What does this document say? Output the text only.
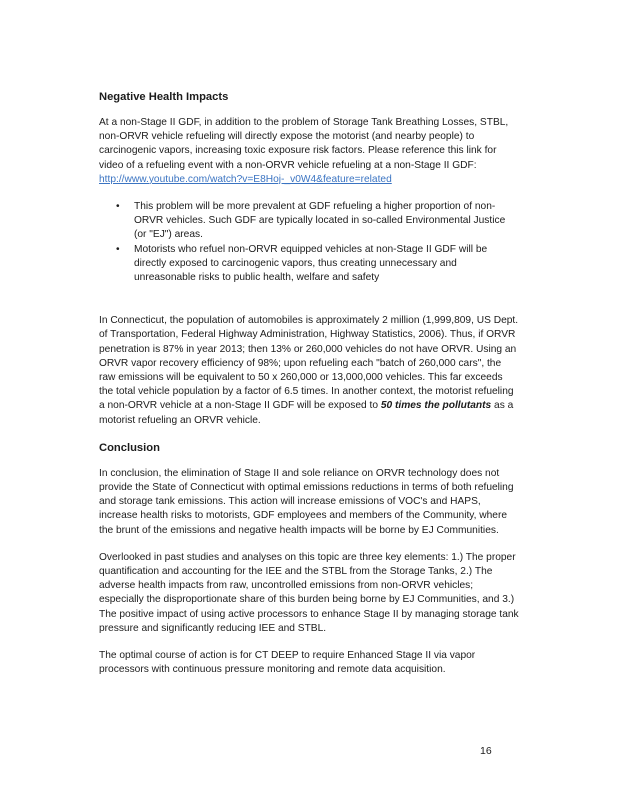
Negative Health Impacts

At a non-Stage II GDF, in addition to the problem of Storage Tank Breathing Losses, STBL, non-ORVR vehicle refueling will directly expose the motorist (and nearby people) to carcinogenic vapors, increasing toxic exposure risk factors. Please reference this link for video of a refueling event with a non-ORVR vehicle refueling at a non-Stage II GDF: http://www.youtube.com/watch?v=E8Hoj-_v0W4&feature=related

• This problem will be more prevalent at GDF refueling a higher proportion of non-ORVR vehicles. Such GDF are typically located in so-called Environmental Justice (or "EJ") areas.
• Motorists who refuel non-ORVR equipped vehicles at non-Stage II GDF will be directly exposed to carcinogenic vapors, thus creating unnecessary and unreasonable risks to public health, welfare and safety

In Connecticut, the population of automobiles is approximately 2 million (1,999,809, US Dept. of Transportation, Federal Highway Administration, Highway Statistics, 2006). Thus, if ORVR penetration is 87% in year 2013; then 13% or 260,000 vehicles do not have ORVR. Using an ORVR vapor recovery efficiency of 98%; upon refueling each "batch of 260,000 cars", the raw emissions will be equivalent to 50 x 260,000 or 13,000,000 vehicles. This far exceeds the total vehicle population by a factor of 6.5 times. In another context, the motorist refueling a non-ORVR vehicle at a non-Stage II GDF will be exposed to 50 times the pollutants as a motorist refueling an ORVR vehicle.

Conclusion

In conclusion, the elimination of Stage II and sole reliance on ORVR technology does not provide the State of Connecticut with optimal emissions reductions in terms of both refueling and storage tank emissions. This action will increase emissions of VOC's and HAPS, increase health risks to motorists, GDF employees and members of the Community, where the brunt of the emissions and negative health impacts will be borne by EJ Communities.

Overlooked in past studies and analyses on this topic are three key elements: 1.) The proper quantification and accounting for the IEE and the STBL from the Storage Tanks, 2.) The adverse health impacts from raw, uncontrolled emissions from non-ORVR vehicles; especially the disproportionate share of this burden being borne by EJ Communities, and 3.) The positive impact of using active processors to enhance Stage II by managing storage tank pressure and significantly reducing IEE and STBL.

The optimal course of action is for CT DEEP to require Enhanced Stage II via vapor processors with continuous pressure monitoring and remote data acquisition.

16
